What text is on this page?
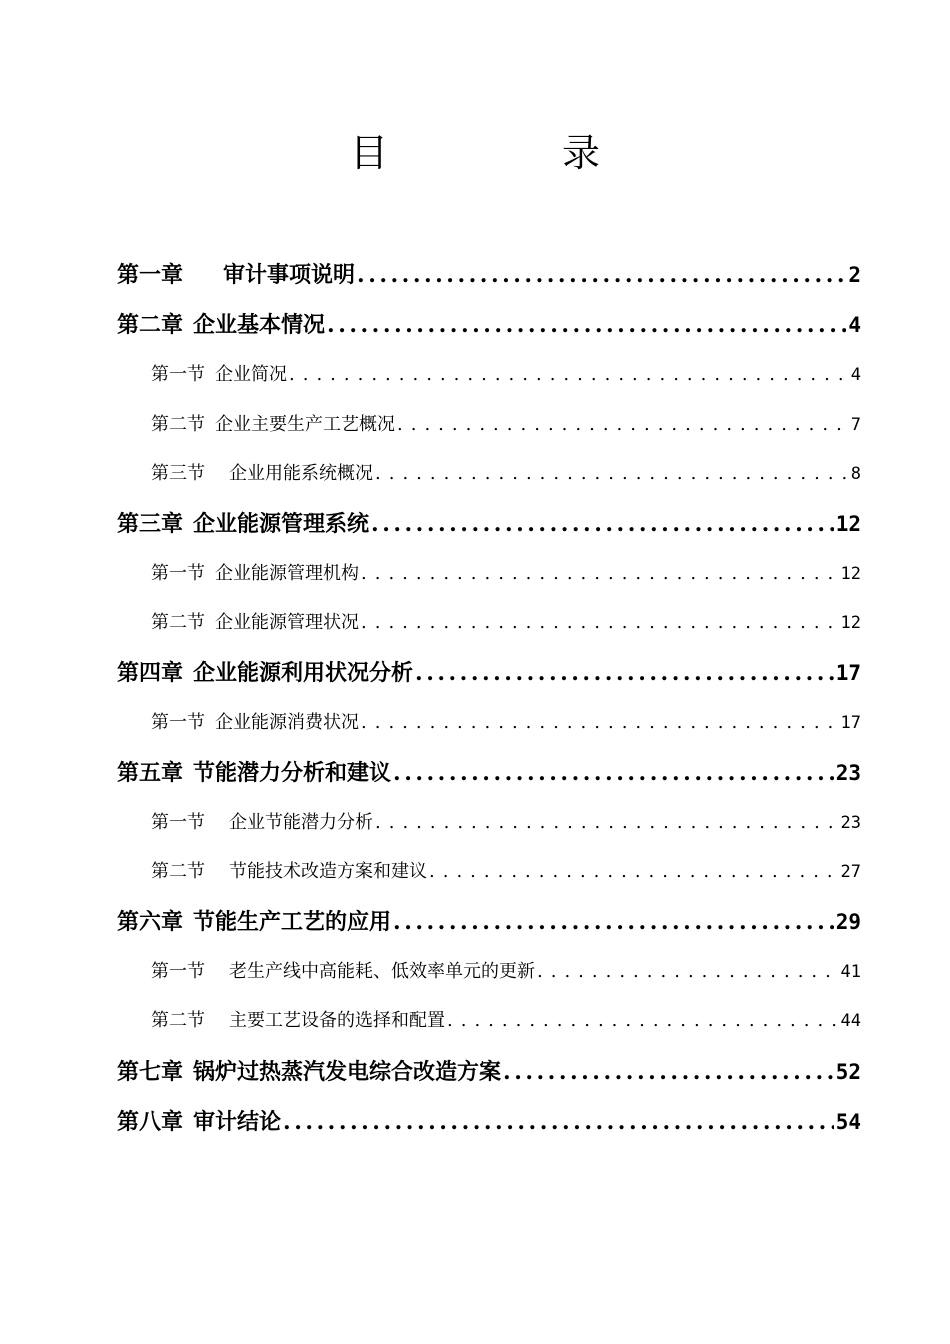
目　录
第一章 审计事项说明 .....	2
第二章 企业基本情况 .....	4
第一节 企业简况 .....	4
第二节 企业主要生产工艺概况 .....	7
第三节 企业用能系统概况 .....	8
第三章 企业能源管理系统 .....	12
第一节 企业能源管理机构 .....	12
第二节 企业能源管理状况 .....	12
第四章 企业能源利用状况分析 .....	17
第一节 企业能源消费状况 .....	17
第五章 节能潜力分析和建议 .....	23
第一节 企业节能潜力分析 .....	23
第二节 节能技术改造方案和建议 .....	27
第六章 节能生产工艺的应用 .....	29
第一节 老生产线中高能耗、低效率单元的更新 .....	41
第二节 主要工艺设备的选择和配置 .....	44
第七章 锅炉过热蒸汽发电综合改造方案 .....	52
第八章 审计结论 .....	54
